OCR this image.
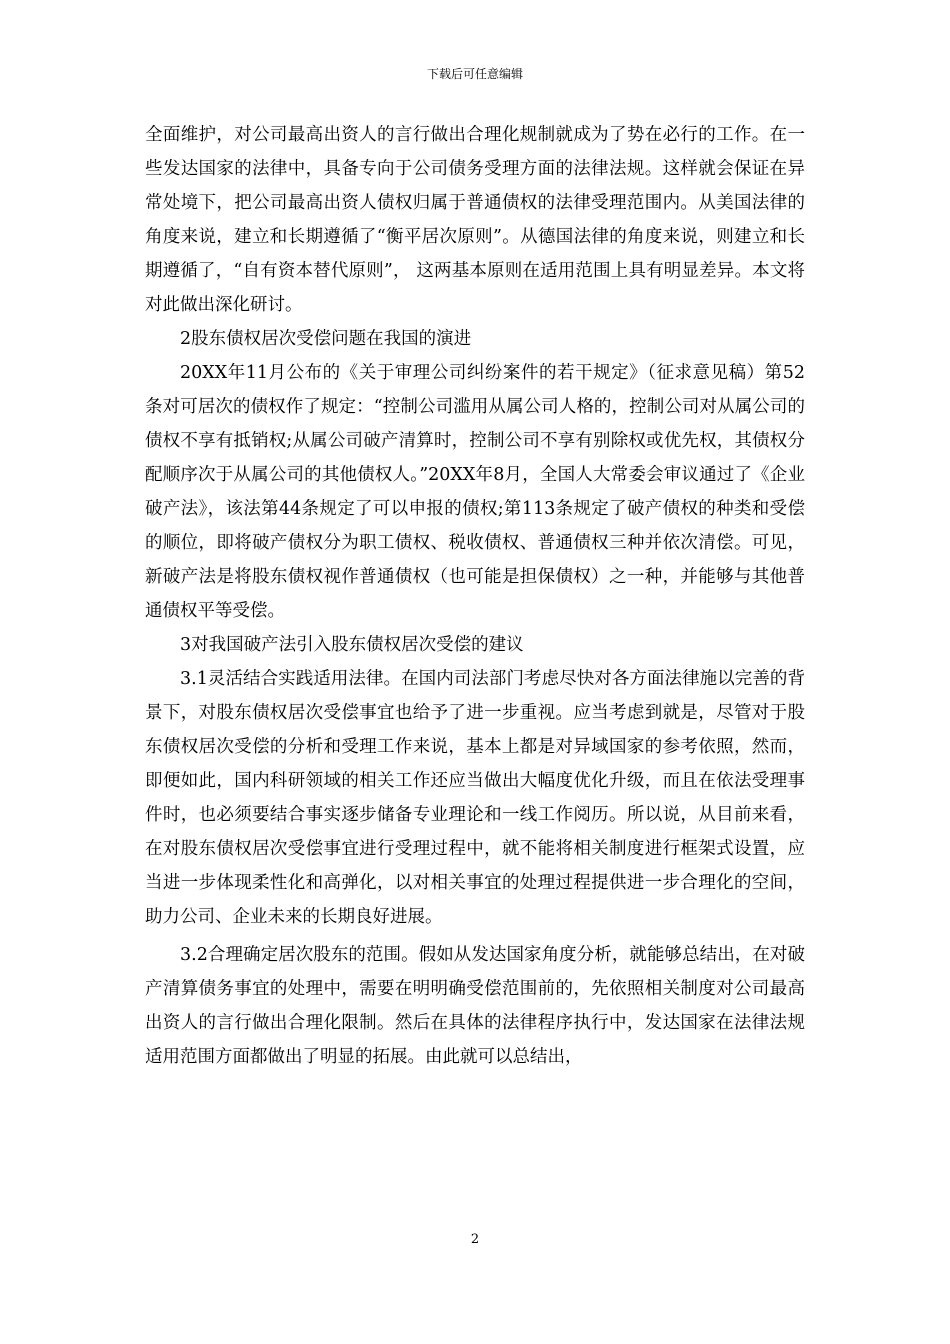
下载后可任意编辑

全面维护，对公司最高出资人的言行做出合理化规制就成为了势在必行的工作。在一些发达国家的法律中，具备专向于公司债务受理方面的法律法规。这样就会保证在异常处境下，把公司最高出资人债权归属于普通债权的法律受理范围内。从美国法律的角度来说，建立和长期遵循了“衡平居次原则”。从德国法律的角度来说，则建立和长期遵循了，“自有资本替代原则”， 这两基本原则在适用范围上具有明显差异。本文将对此做出深化研讨。

2股东债权居次受偿问题在我国的演进

20XX年11月公布的《关于审理公司纠纷案件的若干规定》（征求意见稿）第52条对可居次的债权作了规定：“控制公司滥用从属公司人格的，控制公司对从属公司的债权不享有抵销权;从属公司破产清算时，控制公司不享有别除权或优先权，其债权分配顺序次于从属公司的其他债权人。”20XX年8月，全国人大常委会审议通过了《企业破产法》，该法第44条规定了可以申报的债权;第113条规定了破产债权的种类和受偿的顺位，即将破产债权分为职工债权、税收债权、普通债权三种并依次清偿。可见，新破产法是将股东债权视作普通债权（也可能是担保债权）之一种，并能够与其他普通债权平等受偿。

3对我国破产法引入股东债权居次受偿的建议

3.1灵活结合实践适用法律。在国内司法部门考虑尽快对各方面法律施以完善的背景下，对股东债权居次受偿事宜也给予了进一步重视。应当考虑到就是，尽管对于股东债权居次受偿的分析和受理工作来说，基本上都是对异域国家的参考依照，然而，即便如此，国内科研领域的相关工作还应当做出大幅度优化升级，而且在依法受理事件时，也必须要结合事实逐步储备专业理论和一线工作阅历。所以说，从目前来看，在对股东债权居次受偿事宜进行受理过程中，就不能将相关制度进行框架式设置，应当进一步体现柔性化和高弹化，以对相关事宜的处理过程提供进一步合理化的空间，助力公司、企业未来的长期良好进展。

3.2合理确定居次股东的范围。假如从发达国家角度分析，就能够总结出，在对破产清算债务事宜的处理中，需要在明明确受偿范围前的，先依照相关制度对公司最高出资人的言行做出合理化限制。然后在具体的法律程序执行中，发达国家在法律法规适用范围方面都做出了明显的拓展。由此就可以总结出，

2
